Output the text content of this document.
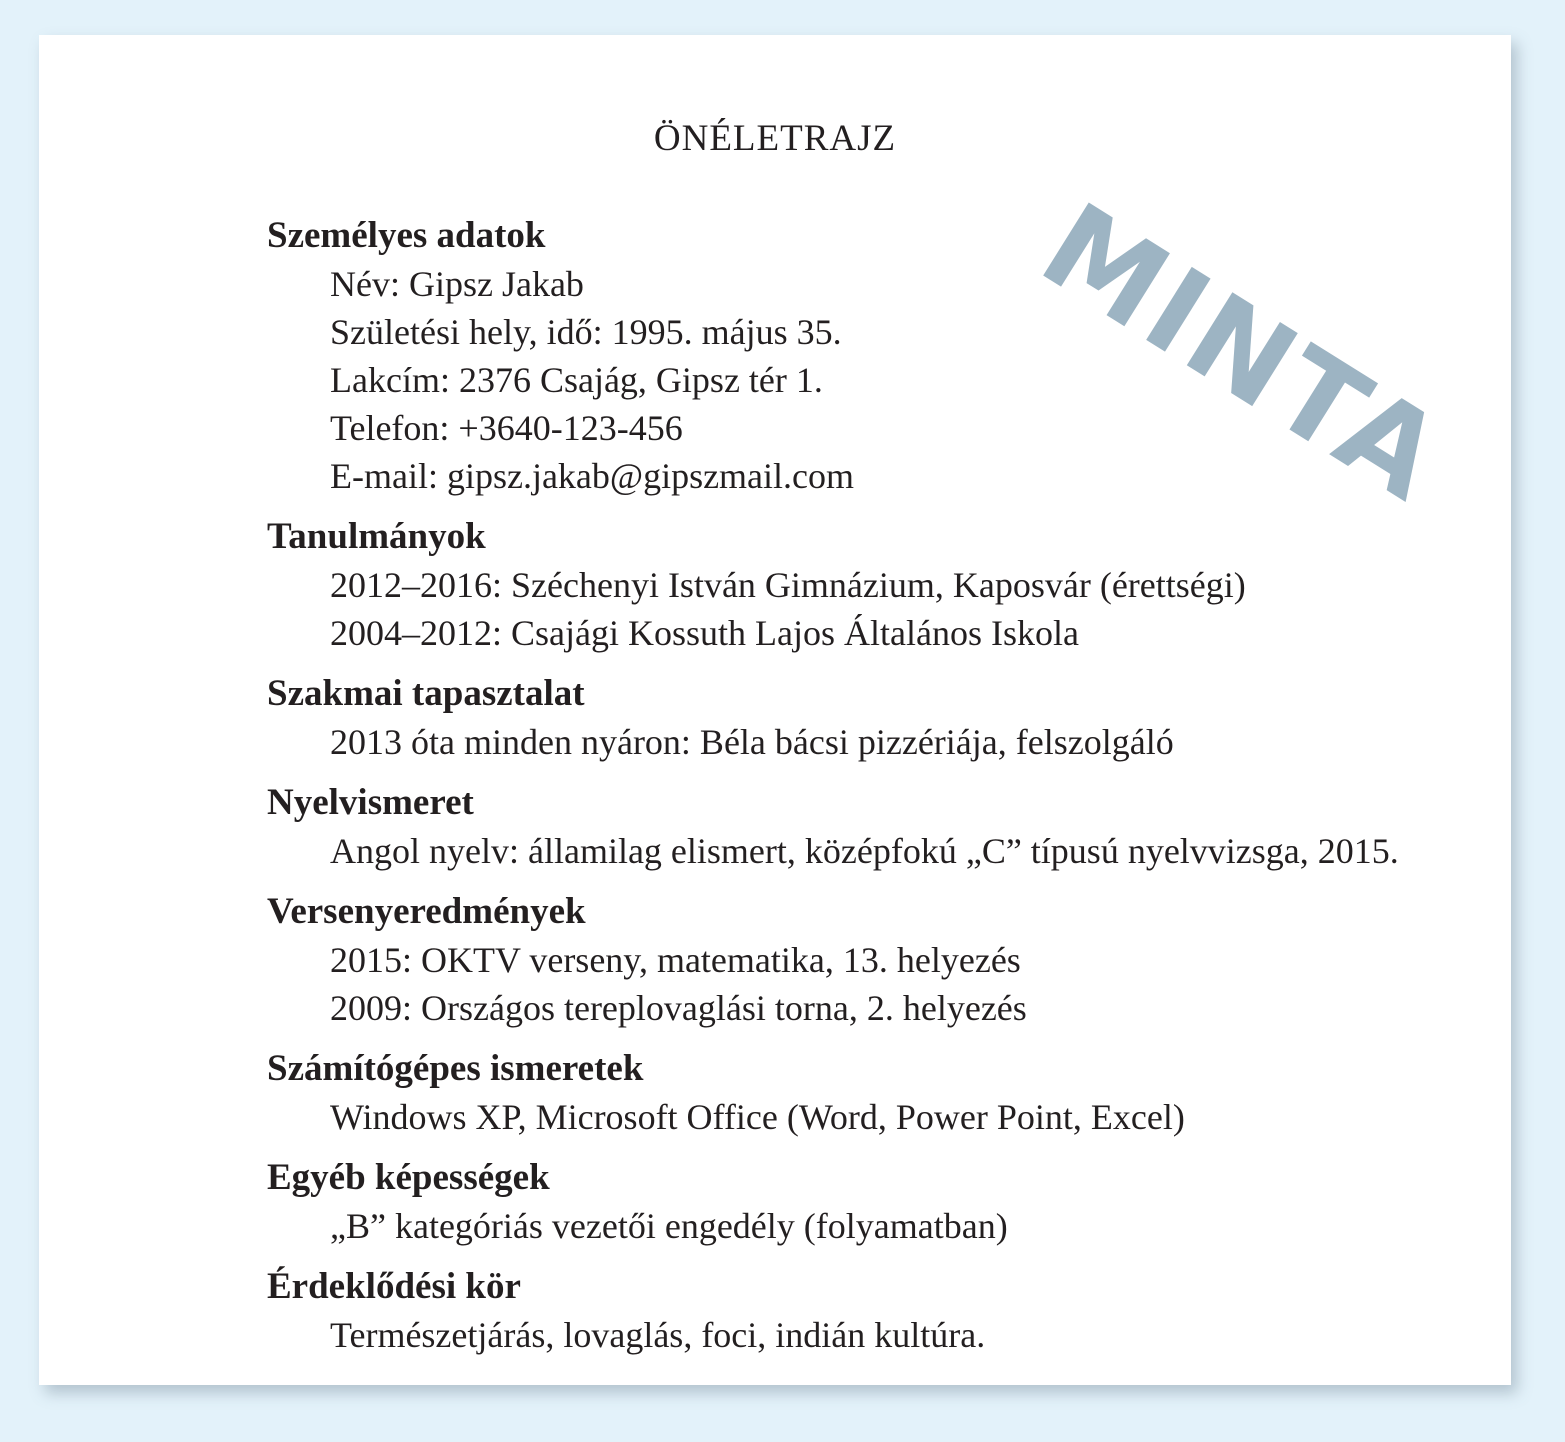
ÖNÉLETRAJZ
MINTA
Személyes adatok
Név: Gipsz Jakab
Születési hely, idő: 1995. május 35.
Lakcím: 2376 Csajág, Gipsz tér 1.
Telefon: +3640-123-456
E-mail: gipsz.jakab@gipszmail.com
Tanulmányok
2012–2016: Széchenyi István Gimnázium, Kaposvár (érettségi)
2004–2012: Csajági Kossuth Lajos Általános Iskola
Szakmai tapasztalat
2013 óta minden nyáron: Béla bácsi pizzériája, felszolgáló
Nyelvismeret
Angol nyelv: államilag elismert, középfokú „C” típusú nyelvvizsga, 2015.
Versenyeredmények
2015: OKTV verseny, matematika, 13. helyezés
2009: Országos tereplovaglási torna, 2. helyezés
Számítógépes ismeretek
Windows XP, Microsoft Office (Word, Power Point, Excel)
Egyéb képességek
„B” kategóriás vezetői engedély (folyamatban)
Érdeklődési kör
Természetjárás, lovaglás, foci, indián kultúra.
